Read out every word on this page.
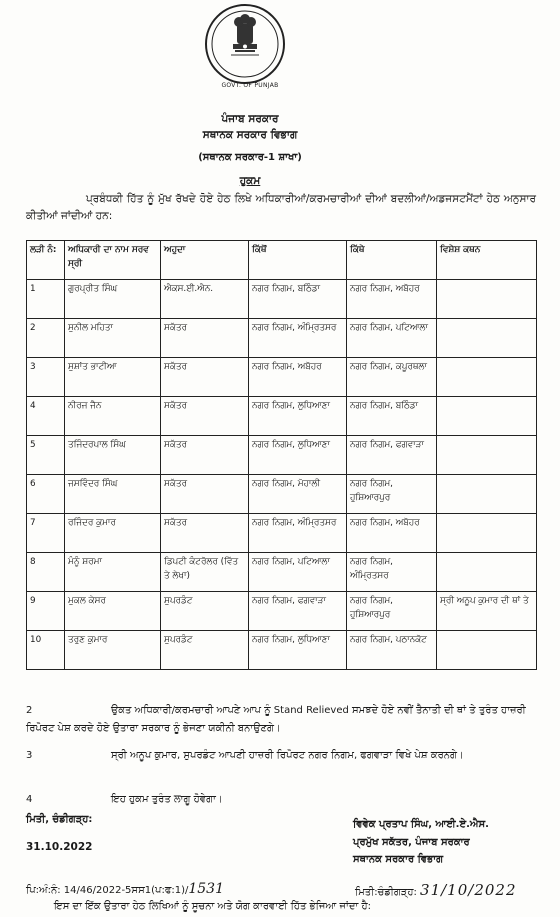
GOVT. OF PUNJAB
ਪੰਜਾਬ ਸਰਕਾਰ
ਸਥਾਨਕ ਸਰਕਾਰ ਵਿਭਾਗ
(ਸਥਾਨਕ ਸਰਕਾਰ-1 ਸ਼ਾਖਾ)
ਹੁਕਮ
ਪ੍ਰਬੰਧਕੀ ਹਿੱਤ ਨੂੰ ਮੁੱਖ ਰੱਖਦੇ ਹੋਏ ਹੇਠ ਲਿਖੇ ਅਧਿਕਾਰੀਆਂ/ਕਰਮਚਾਰੀਆਂ ਦੀਆਂ ਬਦਲੀਆਂ/ਅਡਜਸਟਮੈਂਟਾਂ ਹੇਠ ਅਨੁਸਾਰ ਕੀਤੀਆਂ ਜਾਂਦੀਆਂ ਹਨ:
ਲੜੀ ਨੰ:	ਅਧਿਕਾਰੀ ਦਾ ਨਾਮ ਸਰਵ ਸ੍ਰੀ	ਅਹੁਦਾ	ਕਿੱਥੋਂ	ਕਿੱਥੇ	ਵਿਸ਼ੇਸ਼ ਕਥਨ
1	ਗੁਰਪ੍ਰੀਤ ਸਿੰਘ	ਐਕਸ.ਈ.ਐਨ.	ਨਗਰ ਨਿਗਮ, ਬਠਿੰਡਾ	ਨਗਰ ਨਿਗਮ, ਅਬੋਹਰ	
2	ਸੁਨੀਲ ਮਹਿਤਾ	ਸਕੱਤਰ	ਨਗਰ ਨਿਗਮ, ਅੰਮ੍ਰਿਤਸਰ	ਨਗਰ ਨਿਗਮ, ਪਟਿਆਲਾ	
3	ਸੁਸ਼ਾਂਤ ਭਾਟੀਆ	ਸਕੱਤਰ	ਨਗਰ ਨਿਗਮ, ਅਬੋਹਰ	ਨਗਰ ਨਿਗਮ, ਕਪੂਰਥਲਾ	
4	ਨੀਰਜ ਜੈਨ	ਸਕੱਤਰ	ਨਗਰ ਨਿਗਮ, ਲੁਧਿਆਣਾ	ਨਗਰ ਨਿਗਮ, ਬਠਿੰਡਾ	
5	ਤਜਿੰਦਰਪਾਲ ਸਿੰਘ	ਸਕੱਤਰ	ਨਗਰ ਨਿਗਮ, ਲੁਧਿਆਣਾ	ਨਗਰ ਨਿਗਮ, ਫਗਵਾੜਾ	
6	ਜਸਵਿੰਦਰ ਸਿੰਘ	ਸਕੱਤਰ	ਨਗਰ ਨਿਗਮ, ਮੋਹਾਲੀ	ਨਗਰ ਨਿਗਮ, ਹੁਸ਼ਿਆਰਪੁਰ	
7	ਰਜਿੰਦਰ ਕੁਮਾਰ	ਸਕੱਤਰ	ਨਗਰ ਨਿਗਮ, ਅੰਮ੍ਰਿਤਸਰ	ਨਗਰ ਨਿਗਮ, ਅਬੋਹਰ	
8	ਮੰਨੂੰ ਸ਼ਰਮਾ	ਡਿਪਟੀ ਕੰਟਰੋਲਰ (ਵਿੱਤ ਤੇ ਲੇਖਾ)	ਨਗਰ ਨਿਗਮ, ਪਟਿਆਲਾ	ਨਗਰ ਨਿਗਮ, ਅੰਮ੍ਰਿਤਸਰ	
9	ਮੁਕਲ ਕੇਸਰ	ਸੁਪਰਡੰਟ	ਨਗਰ ਨਿਗਮ, ਫਗਵਾੜਾ	ਨਗਰ ਨਿਗਮ, ਹੁਸ਼ਿਆਰਪੁਰ	ਸ੍ਰੀ ਅਨੂਪ ਕੁਮਾਰ ਦੀ ਥਾਂ ਤੇ
10	ਤਰੁਣ ਕੁਮਾਰ	ਸੁਪਰਡੰਟ	ਨਗਰ ਨਿਗਮ, ਲੁਧਿਆਣਾ	ਨਗਰ ਨਿਗਮ, ਪਠਾਨਕੋਟ	
2	ਉਕਤ ਅਧਿਕਾਰੀ/ਕਰਮਚਾਰੀ ਆਪਣੇ ਆਪ ਨੂੰ Stand Relieved ਸਮਝਦੇ ਹੋਏ ਨਵੀਂ ਤੈਨਾਤੀ ਦੀ ਥਾਂ ਤੇ ਤੁਰੰਤ ਹਾਜ਼ਰੀ ਰਿਪੋਰਟ ਪੇਸ਼ ਕਰਦੇ ਹੋਏ ਉਤਾਰਾ ਸਰਕਾਰ ਨੂੰ ਭੇਜਣਾ ਯਕੀਨੀ ਬਨਾਉਣਗੇ।
3	ਸ੍ਰੀ ਅਨੂਪ ਕੁਮਾਰ, ਸੁਪਰਡੰਟ ਆਪਣੀ ਹਾਜ਼ਰੀ ਰਿਪੋਰਟ ਨਗਰ ਨਿਗਮ, ਫਗਵਾੜਾ ਵਿਖੇ ਪੇਸ਼ ਕਰਨਗੇ।
4	ਇਹ ਹੁਕਮ ਤੁਰੰਤ ਲਾਗੂ ਹੋਵੇਗਾ।
ਮਿਤੀ, ਚੰਡੀਗੜ੍ਹ:
31.10.2022
ਵਿਵੇਕ ਪ੍ਰਤਾਪ ਸਿੰਘ, ਆਈ.ਏ.ਐਸ.
ਪ੍ਰਮੁੱਖ ਸਕੱਤਰ, ਪੰਜਾਬ ਸਰਕਾਰ
ਸਥਾਨਕ ਸਰਕਾਰ ਵਿਭਾਗ
ਪਿ:ਅੰ:ਨੰ: 14/46/2022-5ਸਸ1(ਪ:ਫ:1)/1531	ਮਿਤੀ:ਚੰਡੀਗੜ੍ਹ: 31/10/2022
ਇਸ ਦਾ ਇੱਕ ਉਤਾਰਾ ਹੇਠ ਲਿਖਿਆਂ ਨੂੰ ਸੂਚਨਾ ਅਤੇ ਯੋਗ ਕਾਰਵਾਈ ਹਿੱਤ ਭੇਜਿਆ ਜਾਂਦਾ ਹੈ:
